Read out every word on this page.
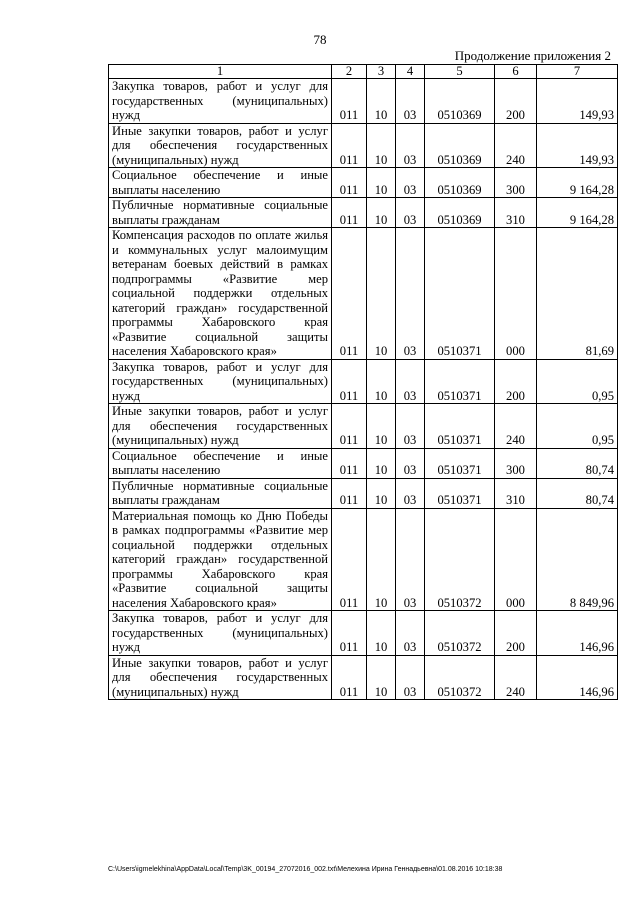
78
Продолжение приложения 2
1	2	3	4	5	6	7
Закупка товаров, работ и услуг для государственных (муниципальных) нужд	011	10	03	0510369	200	149,93
Иные закупки товаров, работ и услуг для обеспечения государственных (муниципальных) нужд	011	10	03	0510369	240	149,93
Социальное обеспечение и иные выплаты населению	011	10	03	0510369	300	9 164,28
Публичные нормативные социальные выплаты гражданам	011	10	03	0510369	310	9 164,28
Компенсация расходов по оплате жилья и коммунальных услуг малоимущим ветеранам боевых действий в рамках подпрограммы «Развитие мер социальной поддержки отдельных категорий граждан» государственной программы Хабаровского края «Развитие социальной защиты населения Хабаровского края»	011	10	03	0510371	000	81,69
Закупка товаров, работ и услуг для государственных (муниципальных) нужд	011	10	03	0510371	200	0,95
Иные закупки товаров, работ и услуг для обеспечения государственных (муниципальных) нужд	011	10	03	0510371	240	0,95
Социальное обеспечение и иные выплаты населению	011	10	03	0510371	300	80,74
Публичные нормативные социальные выплаты гражданам	011	10	03	0510371	310	80,74
Материальная помощь ко Дню Победы в рамках подпрограммы «Развитие мер социальной поддержки отдельных категорий граждан» государственной программы Хабаровского края «Развитие социальной защиты населения Хабаровского края»	011	10	03	0510372	000	8 849,96
Закупка товаров, работ и услуг для государственных (муниципальных) нужд	011	10	03	0510372	200	146,96
Иные закупки товаров, работ и услуг для обеспечения государственных (муниципальных) нужд	011	10	03	0510372	240	146,96
C:\Users\igmelekhina\AppData\Local\Temp\3K_00194_27072016_002.txt\Мелехина Ирина Геннадьевна\01.08.2016 10:18:38
